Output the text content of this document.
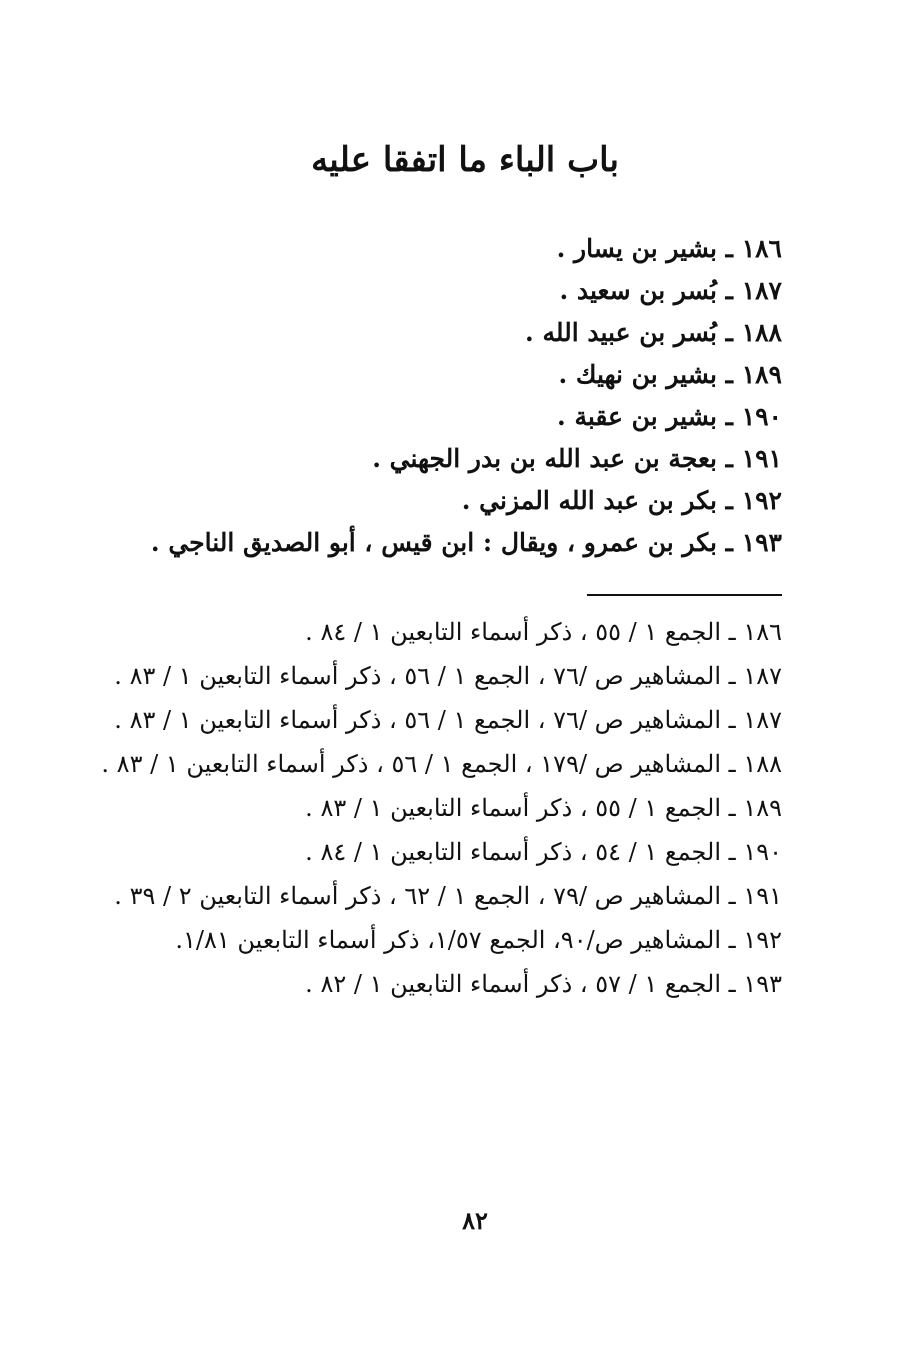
باب الباء ما اتفقا عليه
١٨٦ ـ بشير بن يسار .
١٨٧ ـ بُسر بن سعيد .
١٨٨ ـ بُسر بن عبيد الله .
١٨٩ ـ بشير بن نهيك .
١٩٠ ـ بشير بن عقبة .
١٩١ ـ بعجة بن عبد الله بن بدر الجهني .
١٩٢ ـ بكر بن عبد الله المزني .
١٩٣ ـ بكر بن عمرو ، ويقال : ابن قيس ، أبو الصديق الناجي .
١٨٦ ـ الجمع ١ / ٥٥ ، ذكر أسماء التابعين ١ / ٨٤ .
١٨٧ ـ المشاهير ص /٧٦ ، الجمع ١ / ٥٦ ، ذكر أسماء التابعين ١ / ٨٣ .
١٨٧ ـ المشاهير ص /٧٦ ، الجمع ١ / ٥٦ ، ذكر أسماء التابعين ١ / ٨٣ .
١٨٨ ـ المشاهير ص /١٧٩ ، الجمع ١ / ٥٦ ، ذكر أسماء التابعين ١ / ٨٣ .
١٨٩ ـ الجمع ١ / ٥٥ ، ذكر أسماء التابعين ١ / ٨٣ .
١٩٠ ـ الجمع ١ / ٥٤ ، ذكر أسماء التابعين ١ / ٨٤ .
١٩١ ـ المشاهير ص /٧٩ ، الجمع ١ / ٦٢ ، ذكر أسماء التابعين ٢ / ٣٩ .
١٩٢ ـ المشاهير ص/٩٠، الجمع ١/٥٧، ذكر أسماء التابعين ١/٨١.
١٩٣ ـ الجمع ١ / ٥٧ ، ذكر أسماء التابعين ١ / ٨٢ .
٨٢
